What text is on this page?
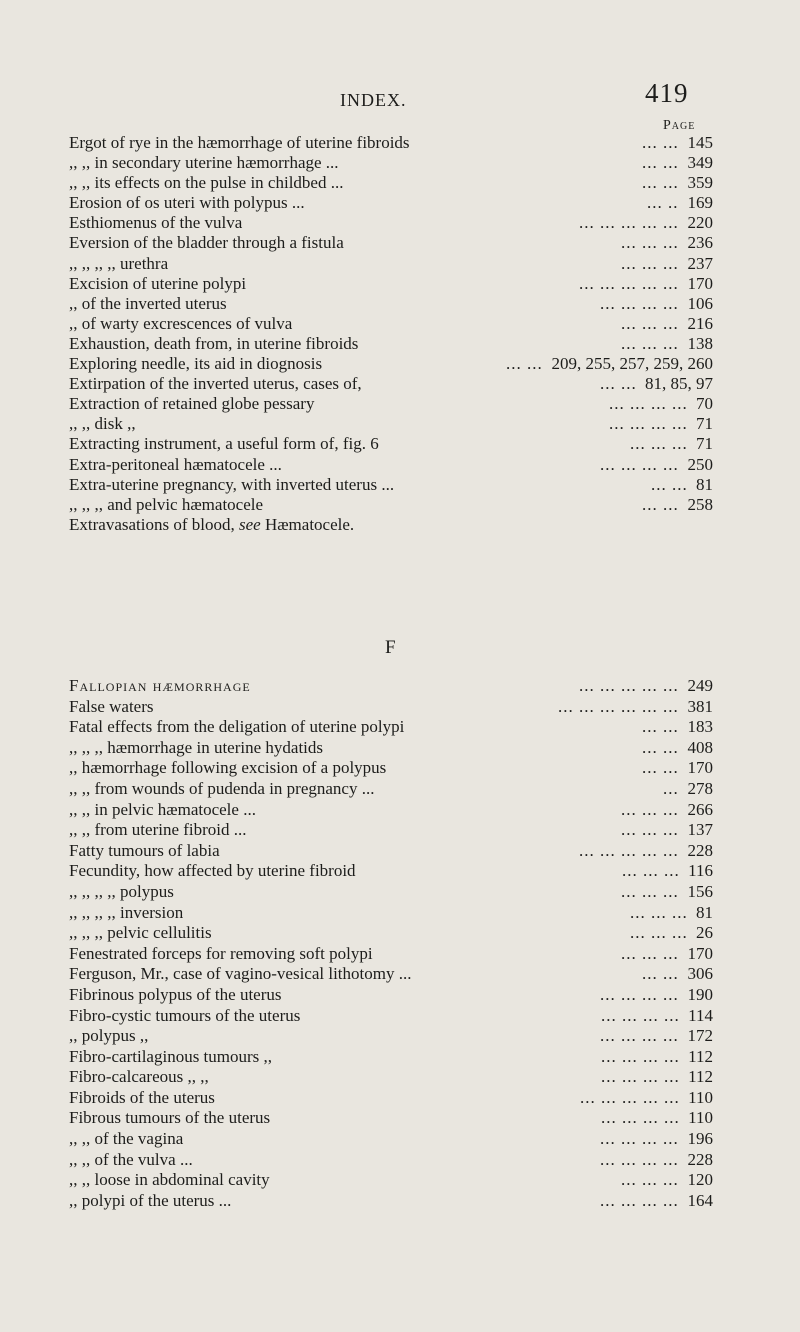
INDEX.	419
Page
Ergot of rye in the hæmorrhage of uterine fibroids	... ... 145
,, ,, in secondary uterine hæmorrhage ...	... ... 349
,, ,, its effects on the pulse in childbed ...	... ... 359
Erosion of os uteri with polypus ...	... .. 169
Esthiomenus of the vulva	... ... ... ... ... 220
Eversion of the bladder through a fistula	... ... ... 236
,, ,, ,, ,, urethra	... ... ... 237
Excision of uterine polypi	... ... ... ... ... 170
,, of the inverted uterus	... ... ... ... 106
,, of warty excrescences of vulva	... ... ... 216
Exhaustion, death from, in uterine fibroids	... ... ... 138
Exploring needle, its aid in diognosis	... ... 209, 255, 257, 259, 260
Extirpation of the inverted uterus, cases of,	... ... 81, 85, 97
Extraction of retained globe pessary	... ... ... ... 70
,, ,, disk ,,	... ... ... ... 71
Extracting instrument, a useful form of, fig. 6	... ... ... 71
Extra-peritoneal hæmatocele ...	... ... ... ... 250
Extra-uterine pregnancy, with inverted uterus ...	... ... 81
,, ,, ,, and pelvic hæmatocele	... ... 258
Extravasations of blood, see Hæmatocele.
F
Fallopian hæmorrhage	... ... ... ... ... 249
False waters	... ... ... ... ... ... 381
Fatal effects from the deligation of uterine polypi	... ... 183
,, ,, ,, hæmorrhage in uterine hydatids	... ... 408
,, hæmorrhage following excision of a polypus	... ... 170
,, ,, from wounds of pudenda in pregnancy ...	... 278
,, ,, in pelvic hæmatocele ...	... ... ... 266
,, ,, from uterine fibroid ...	... ... ... 137
Fatty tumours of labia	... ... ... ... ... 228
Fecundity, how affected by uterine fibroid	... ... ... 116
,, ,, ,, ,, polypus	... ... ... 156
,, ,, ,, ,, inversion	... ... ... 81
,, ,, ,, pelvic cellulitis	... ... ... 26
Fenestrated forceps for removing soft polypi	... ... ... 170
Ferguson, Mr., case of vagino-vesical lithotomy ...	... ... 306
Fibrinous polypus of the uterus	... ... ... ... 190
Fibro-cystic tumours of the uterus	... ... ... ... 114
,, polypus ,,	... ... ... ... 172
Fibro-cartilaginous tumours ,,	... ... ... ... 112
Fibro-calcareous ,, ,,	... ... ... ... 112
Fibroids of the uterus	... ... ... ... ... 110
Fibrous tumours of the uterus	... ... ... ... 110
,, ,, of the vagina	... ... ... ... 196
,, ,, of the vulva ...	... ... ... ... 228
,, ,, loose in abdominal cavity	... ... ... 120
,, polypi of the uterus ...	... ... ... ... 164
